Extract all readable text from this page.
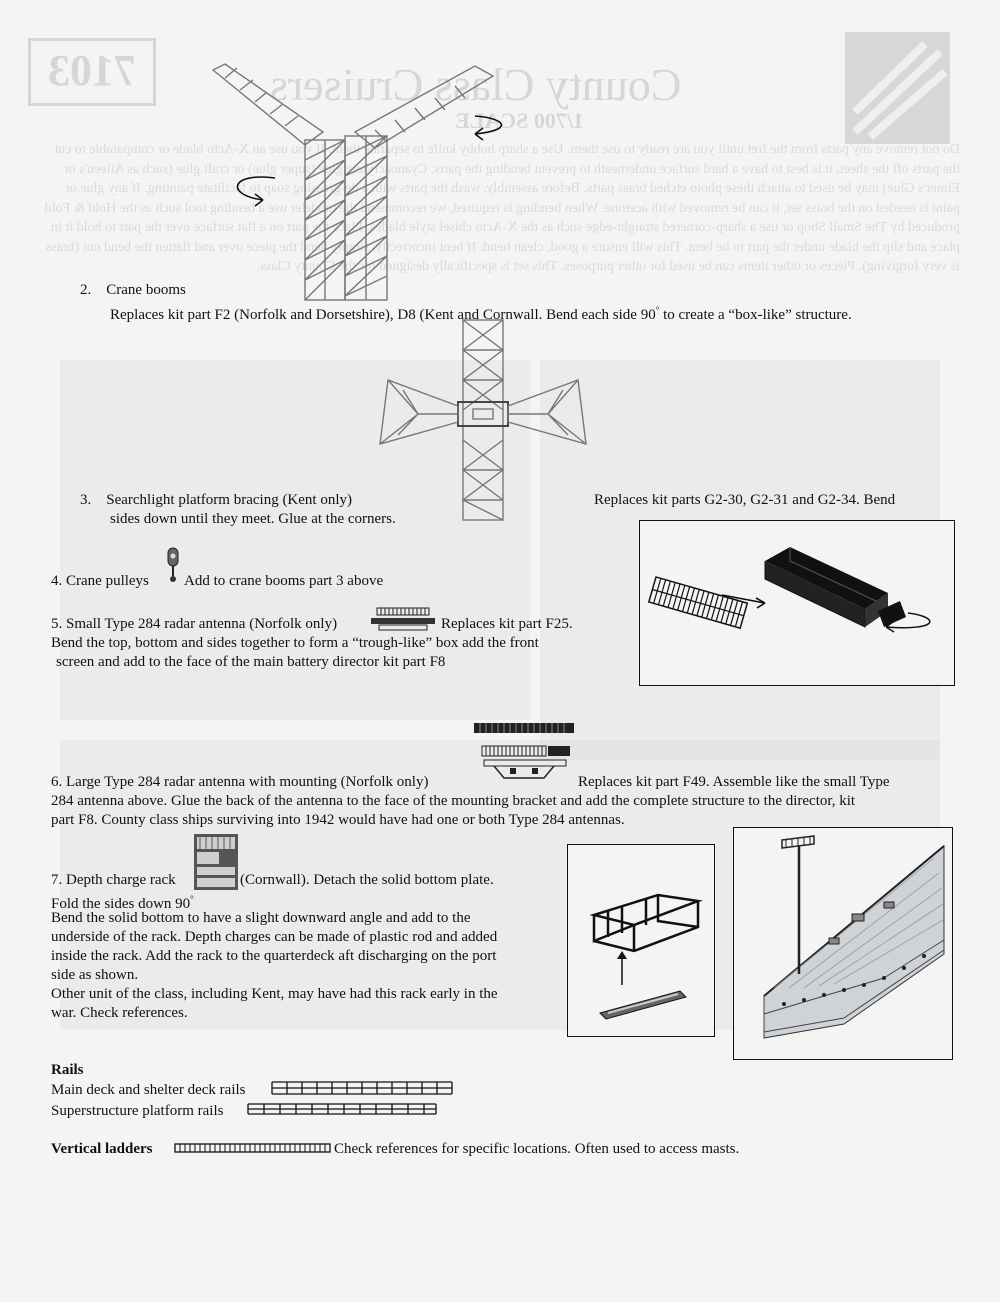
7103	County Class Cruisers
1/700 SCALE
Do not remove any parts from the fret until you are ready to use them. Use a sharp hobby knife to separate them. If you use an X-Acto blade or comparable to cut the parts off the sheet, it is best to have a hard surface underneath to prevent bending the parts. Cyanoacrylate glue (super glue) or craft glue (such as Aileen's or Elmer's Glue) may be used to attach these photo etched brass parts. Before assembly, wash the parts with a de-greasing soap to facilitate painting. If any glue or paint is needed on the brass set, it can be removed with acetone. When bending is required, we recommend the modeler use a bending tool such as the Hold & Fold produced by The Small Shop or use a sharp-cornered straight-edge such as the X-Acto chisel style blades. Place the part on a flat surface over the part to hold it in place and slip the blade under the part to be bent. This will ensure a good, clean bend. If bent incorrectly, simply bend the piece over and flatten the bend out (brass is very forgiving). Pieces or other items can be used for other purposes. This set is specifically designed for the County Class.
2. Crane booms
Replaces kit part F2 (Norfolk and Dorsetshire), D8 (Kent and Cornwall. Bend each side 90° to create a “box-like” structure.
3. Searchlight platform bracing (Kent only)
sides down until they meet. Glue at the corners.
Replaces kit parts G2-30, G2-31 and G2-34. Bend
4. Crane pulleys Add to crane booms part 3 above
5. Small Type 284 radar antenna (Norfolk only)	Replaces kit part F25.
Bend the top, bottom and sides together to form a “trough-like” box add the front
screen and add to the face of the main battery director kit part F8
6. Large Type 284 radar antenna with mounting (Norfolk only)	Replaces kit part F49. Assemble like the small Type
284 antenna above. Glue the back of the antenna to the face of the mounting bracket and add the complete structure to the director, kit
part F8. County class ships surviving into 1942 would have had one or both Type 284 antennas.
7. Depth charge rack	(Cornwall). Detach the solid bottom plate.
Fold the sides down 90°
Bend the solid bottom to have a slight downward angle and add to the
underside of the rack. Depth charges can be made of plastic rod and added
inside the rack. Add the rack to the quarterdeck aft discharging on the port
side as shown.
Other unit of the class, including Kent, may have had this rack early in the
war. Check references.
Rails
Main deck and shelter deck rails
Superstructure platform rails
Vertical ladders	Check references for specific locations. Often used to access masts.
